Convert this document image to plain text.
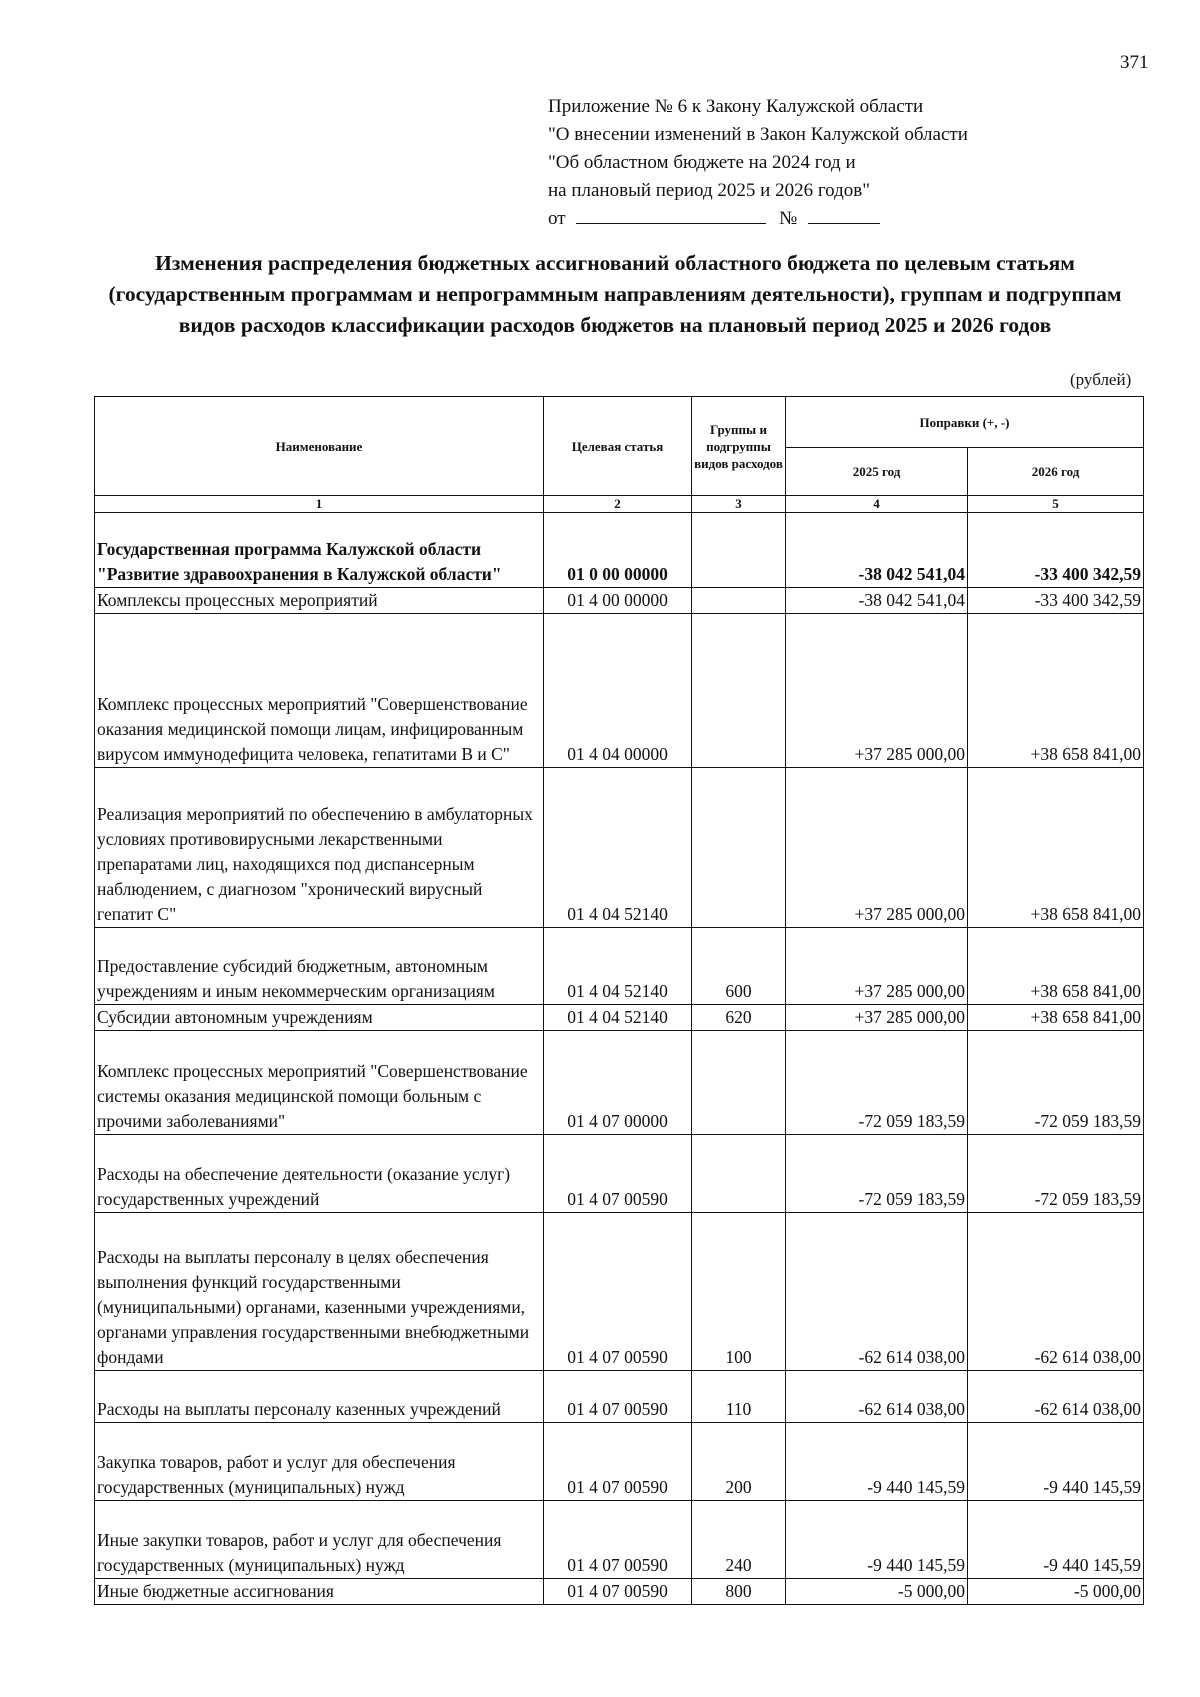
371
Приложение № 6 к Закону Калужской области
"О внесении изменений в Закон Калужской области
"Об областном бюджете на 2024 год и
на плановый период 2025 и 2026 годов"
от	№
Изменения распределения бюджетных ассигнований областного бюджета по целевым статьям (государственным программам и непрограммным направлениям деятельности), группам и подгруппам видов расходов классификации расходов бюджетов на плановый период 2025 и 2026 годов
(рублей)
Наименование	Целевая статья	Группы и подгруппы видов расходов	Поправки (+, -)	
			2025 год	2026 год
1	2	3	4	5
Государственная программа Калужской области "Развитие здравоохранения в Калужской области"	01 0 00 00000		-38 042 541,04	-33 400 342,59
Комплексы процессных мероприятий	01 4 00 00000		-38 042 541,04	-33 400 342,59
Комплекс процессных мероприятий "Совершенствование оказания медицинской помощи лицам, инфицированным вирусом иммунодефицита человека, гепатитами В и С"	01 4 04 00000		+37 285 000,00	+38 658 841,00
Реализация мероприятий по обеспечению в амбулаторных условиях противовирусными лекарственными препаратами лиц, находящихся под диспансерным наблюдением, с диагнозом "хронический вирусный гепатит С"	01 4 04 52140		+37 285 000,00	+38 658 841,00
Предоставление субсидий бюджетным, автономным учреждениям и иным некоммерческим организациям	01 4 04 52140	600	+37 285 000,00	+38 658 841,00
Субсидии автономным учреждениям	01 4 04 52140	620	+37 285 000,00	+38 658 841,00
Комплекс процессных мероприятий "Совершенствование системы оказания медицинской помощи больным с прочими заболеваниями"	01 4 07 00000		-72 059 183,59	-72 059 183,59
Расходы на обеспечение деятельности (оказание услуг) государственных учреждений	01 4 07 00590		-72 059 183,59	-72 059 183,59
Расходы на выплаты персоналу в целях обеспечения выполнения функций государственными (муниципальными) органами, казенными учреждениями, органами управления государственными внебюджетными фондами	01 4 07 00590	100	-62 614 038,00	-62 614 038,00
Расходы на выплаты персоналу казенных учреждений	01 4 07 00590	110	-62 614 038,00	-62 614 038,00
Закупка товаров, работ и услуг для обеспечения государственных (муниципальных) нужд	01 4 07 00590	200	-9 440 145,59	-9 440 145,59
Иные закупки товаров, работ и услуг для обеспечения государственных (муниципальных) нужд	01 4 07 00590	240	-9 440 145,59	-9 440 145,59
Иные бюджетные ассигнования	01 4 07 00590	800	-5 000,00	-5 000,00
